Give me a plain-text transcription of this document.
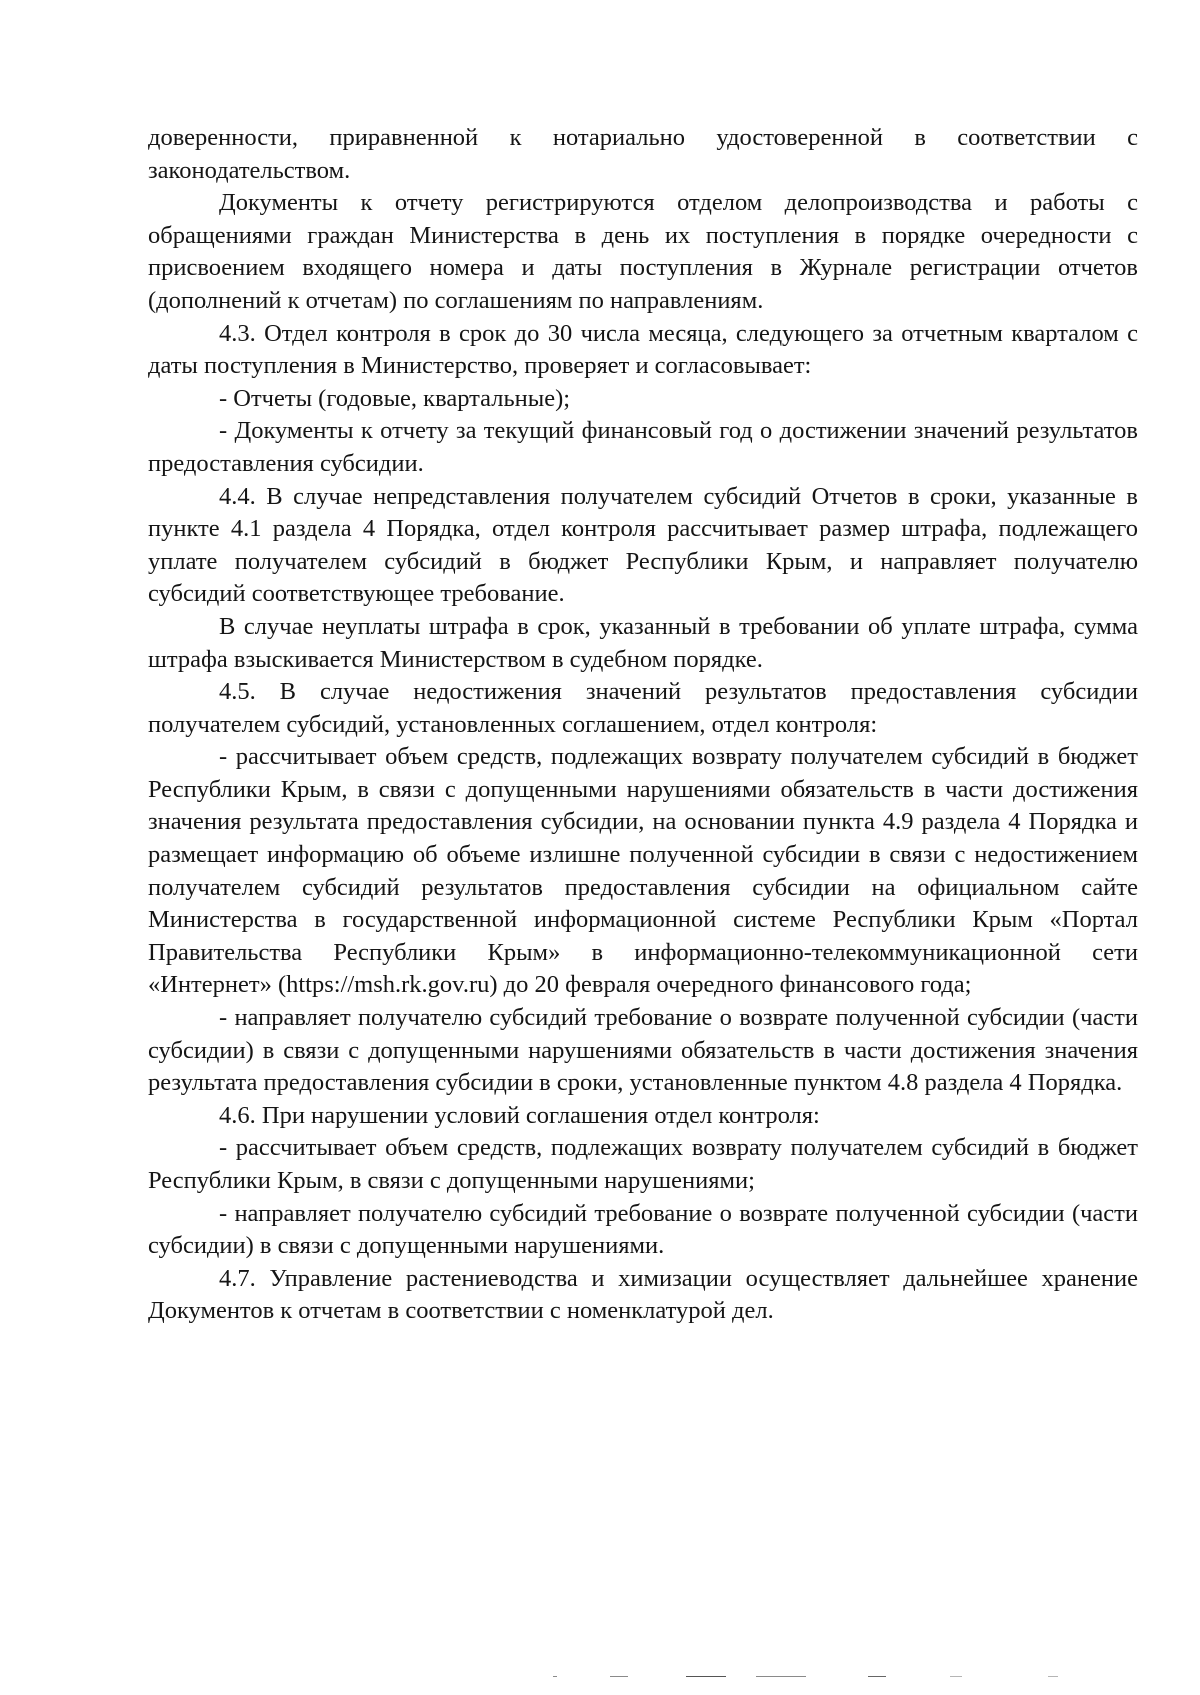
доверенности, приравненной к нотариально удостоверенной в соответствии с законодательством.

Документы к отчету регистрируются отделом делопроизводства и работы с обращениями граждан Министерства в день их поступления в порядке очередности с присвоением входящего номера и даты поступления в Журнале регистрации отчетов (дополнений к отчетам) по соглашениям по направлениям.

4.3. Отдел контроля в срок до 30 числа месяца, следующего за отчетным кварталом с даты поступления в Министерство, проверяет и согласовывает:

- Отчеты (годовые, квартальные);

- Документы к отчету за текущий финансовый год о достижении значений результатов предоставления субсидии.

4.4. В случае непредставления получателем субсидий Отчетов в сроки, указанные в пункте 4.1 раздела 4 Порядка, отдел контроля рассчитывает размер штрафа, подлежащего уплате получателем субсидий в бюджет Республики Крым, и направляет получателю субсидий соответствующее требование.

В случае неуплаты штрафа в срок, указанный в требовании об уплате штрафа, сумма штрафа взыскивается Министерством в судебном порядке.

4.5. В случае недостижения значений результатов предоставления субсидии получателем субсидий, установленных соглашением, отдел контроля:

- рассчитывает объем средств, подлежащих возврату получателем субсидий в бюджет Республики Крым, в связи с допущенными нарушениями обязательств в части достижения значения результата предоставления субсидии, на основании пункта 4.9 раздела 4 Порядка и размещает информацию об объеме излишне полученной субсидии в связи с недостижением получателем субсидий результатов предоставления субсидии на официальном сайте Министерства в государственной информационной системе Республики Крым «Портал Правительства Республики Крым» в информационно-телекоммуникационной сети «Интернет» (https://msh.rk.gov.ru) до 20 февраля очередного финансового года;

- направляет получателю субсидий требование о возврате полученной субсидии (части субсидии) в связи с допущенными нарушениями обязательств в части достижения значения результата предоставления субсидии в сроки, установленные пунктом 4.8 раздела 4 Порядка.

4.6. При нарушении условий соглашения отдел контроля:

- рассчитывает объем средств, подлежащих возврату получателем субсидий в бюджет Республики Крым, в связи с допущенными нарушениями;

- направляет получателю субсидий требование о возврате полученной субсидии (части субсидии) в связи с допущенными нарушениями.

4.7. Управление растениеводства и химизации осуществляет дальнейшее хранение Документов к отчетам в соответствии с номенклатурой дел.
